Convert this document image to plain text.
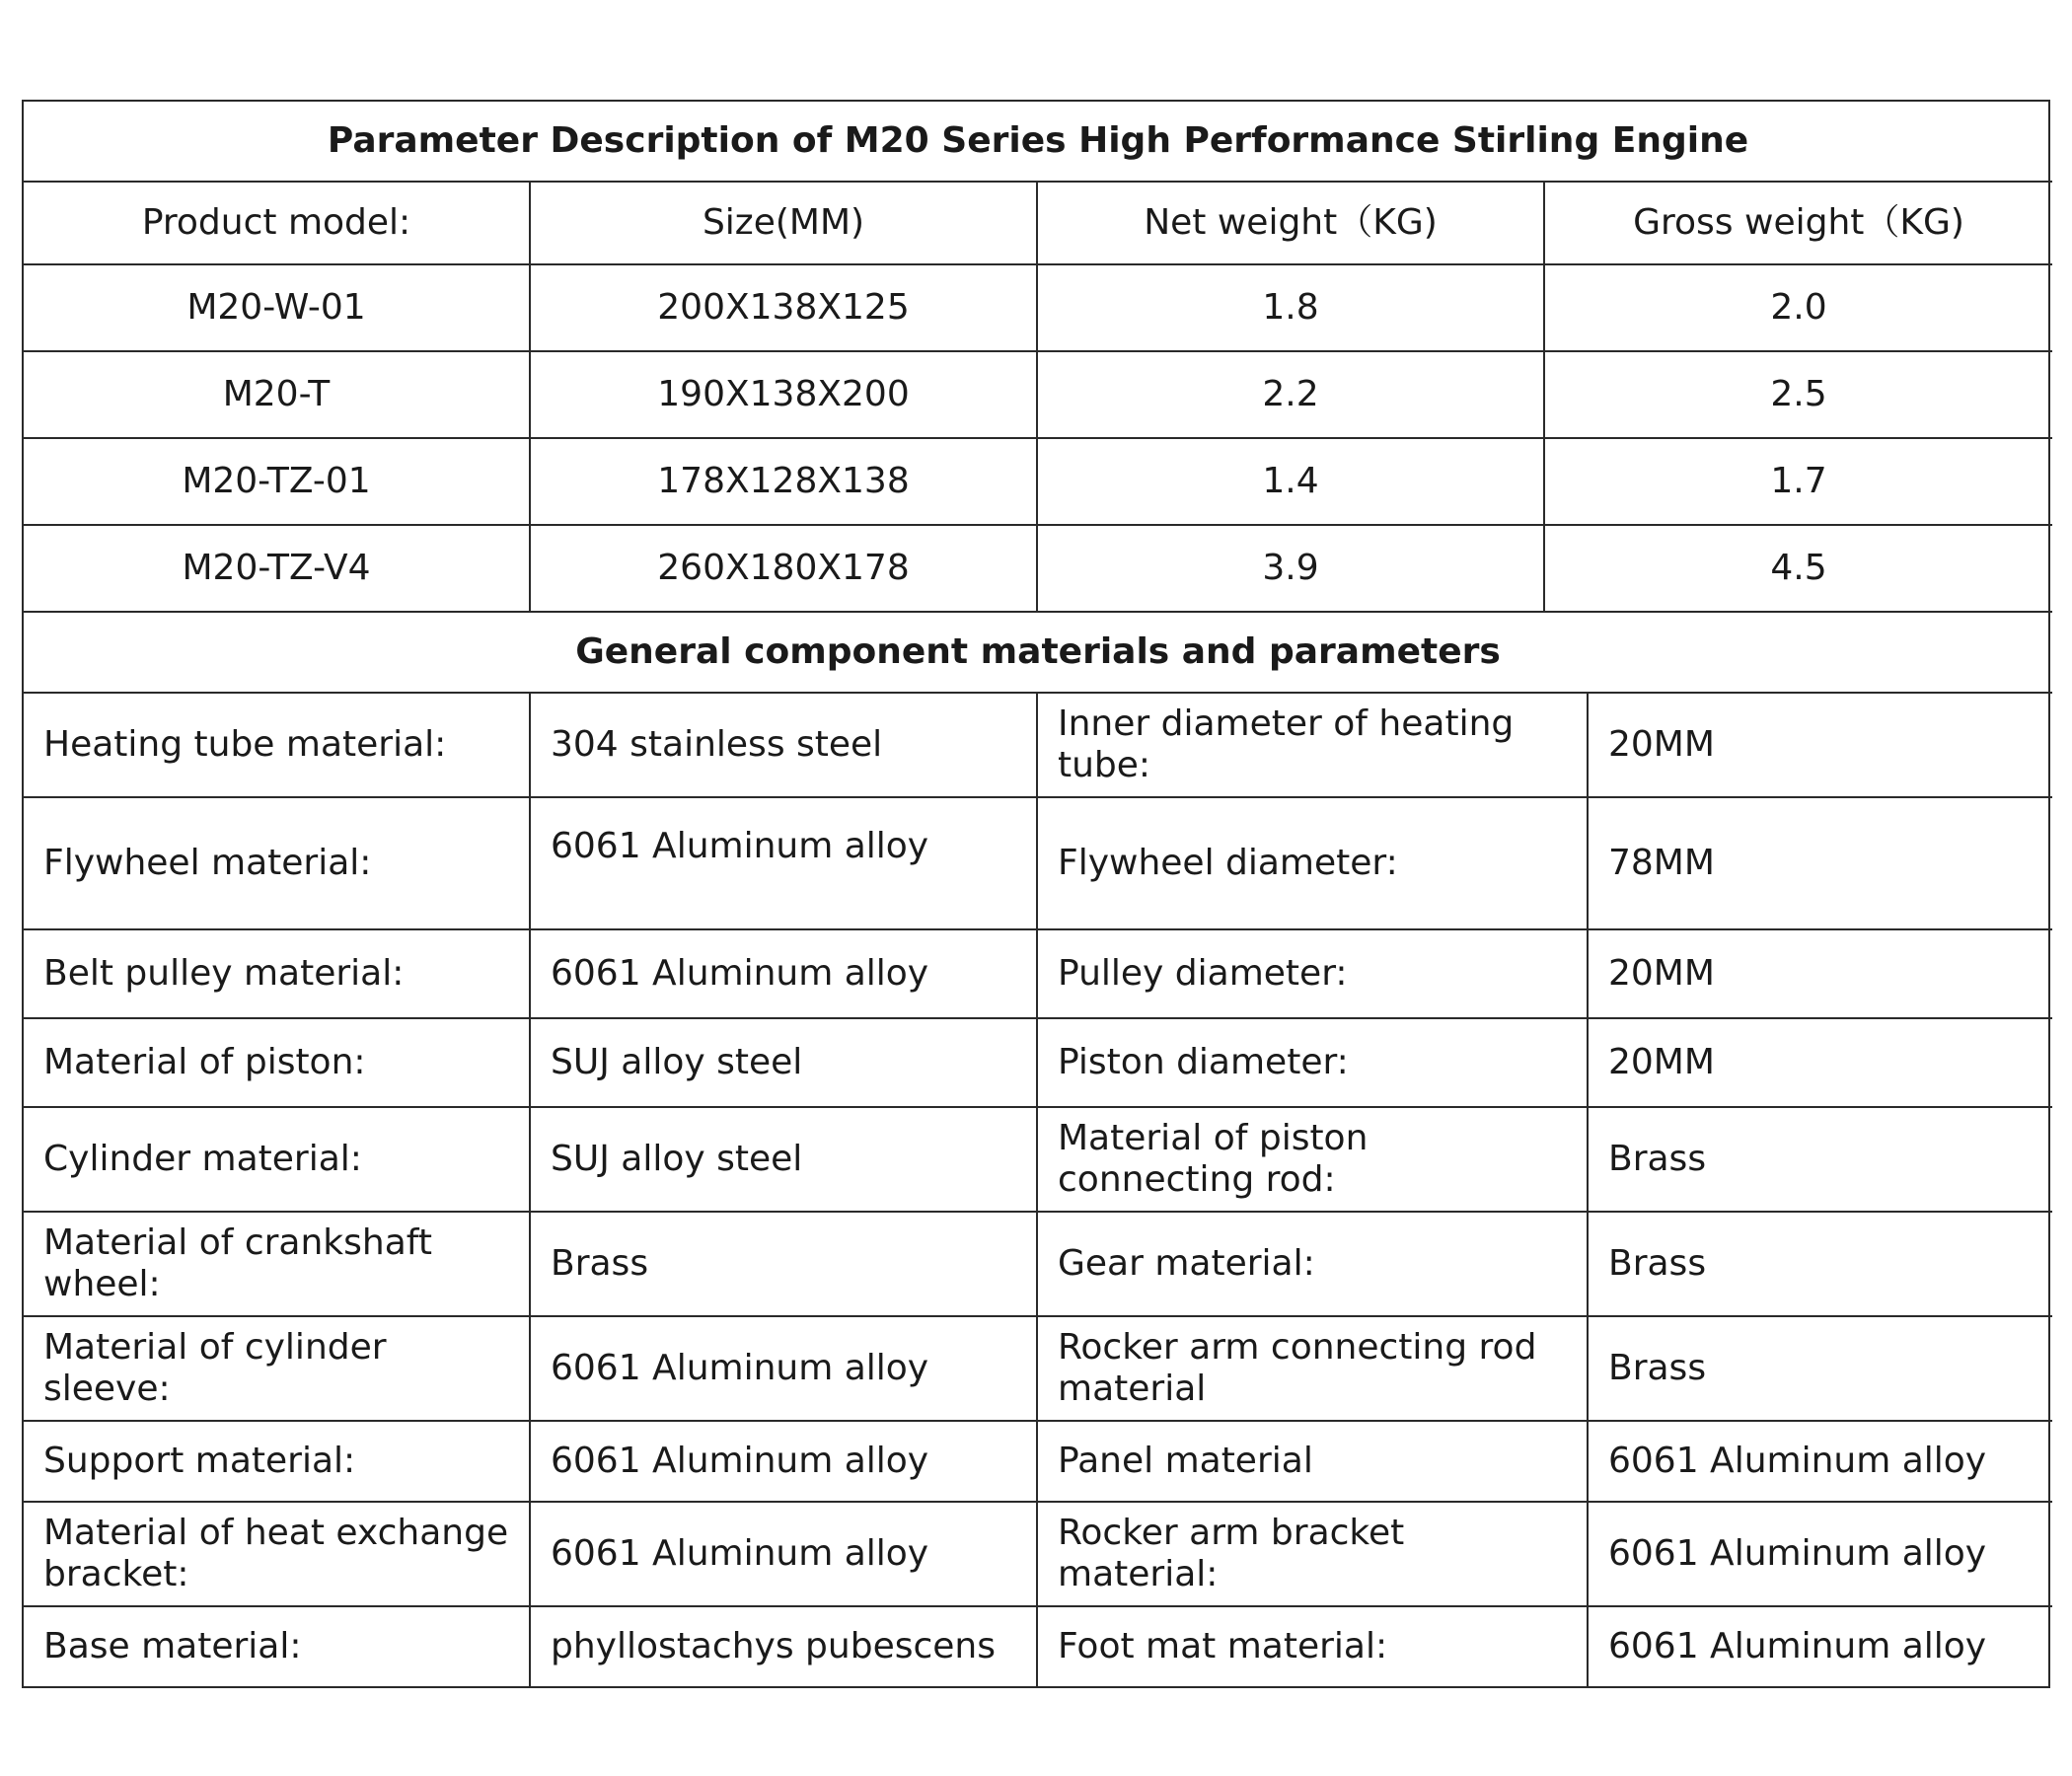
Parameter Description of M20 Series High Performance Stirling Engine			
Product model:	Size(MM)	Net weight（KG)	Gross weight（KG)
M20-W-01	200X138X125	1.8	2.0
M20-T	190X138X200	2.2	2.5
M20-TZ-01	178X128X138	1.4	1.7
M20-TZ-V4	260X180X178	3.9	4.5
General component materials and parameters			
Heating tube material:	304 stainless steel	Inner diameter of heating tube:	20MM
Flywheel material:	6061 Aluminum alloy	Flywheel diameter:	78MM
Belt pulley material:	6061 Aluminum alloy	Pulley diameter:	20MM
Material of piston:	SUJ alloy steel	Piston diameter:	20MM
Cylinder material:	SUJ alloy steel	Material of piston connecting rod:	Brass
Material of crankshaft wheel:	Brass	Gear material:	Brass
Material of cylinder sleeve:	6061 Aluminum alloy	Rocker arm connecting rod material	Brass
Support material:	6061 Aluminum alloy	Panel material	6061 Aluminum alloy
Material of heat exchange bracket:	6061 Aluminum alloy	Rocker arm bracket material:	6061 Aluminum alloy
Base material:	phyllostachys pubescens	Foot mat material:	6061 Aluminum alloy
